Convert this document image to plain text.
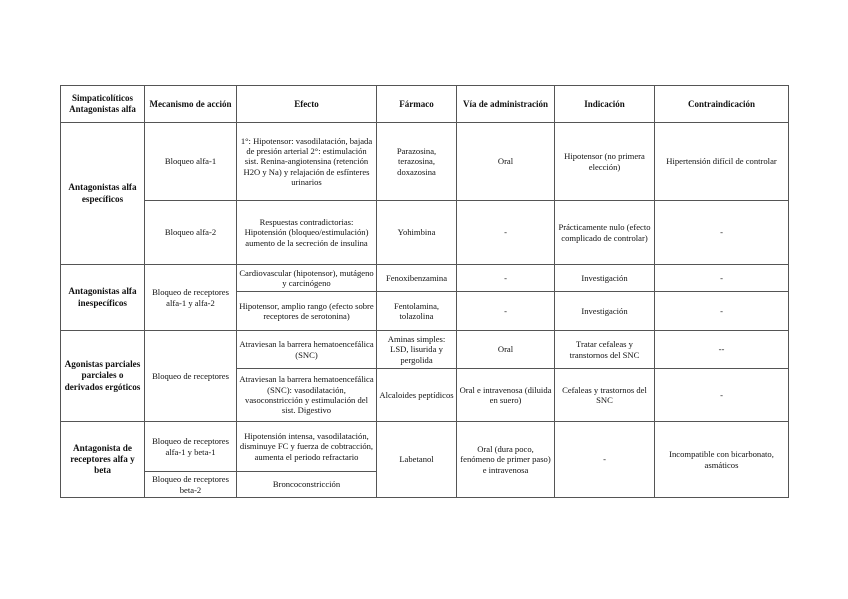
Simpaticolíticos Antagonistas alfa	Mecanismo de acción	Efecto	Fármaco	Vía de administración	Indicación	Contraindicación
Antagonistas alfa específicos	Bloqueo alfa-1	1°: Hipotensor: vasodilatación, bajada de presión arterial 2°: estimulación sist. Renina-angiotensina (retención H2O y Na) y relajación de esfínteres urinarios	Parazosina, terazosina, doxazosina	Oral	Hipotensor (no primera elección)	Hipertensión difícil de controlar
	Bloqueo alfa-2	Respuestas contradictorias: Hipotensión (bloqueo/estimulación) aumento de la secreción de insulina	Yohimbina	-	Prácticamente nulo (efecto complicado de controlar)	-
Antagonistas alfa inespecíficos	Bloqueo de receptores alfa-1 y alfa-2	Cardiovascular (hipotensor), mutágeno y carcinógeno	Fenoxibenzamina	-	Investigación	-
		Hipotensor, amplio rango (efecto sobre receptores de serotonina)	Fentolamina, tolazolina	-	Investigación	-
Agonistas parciales parciales o derivados ergóticos	Bloqueo de receptores	Atraviesan la barrera hematoencefálica (SNC)	Aminas simples: LSD, lisurida y pergolida	Oral	Tratar cefaleas y transtornos del SNC	--
		Atraviesan la barrera hematoencefálica (SNC): vasodilatación, vasoconstricción y estimulación del sist. Digestivo	Alcaloides peptídicos	Oral e intravenosa (diluida en suero)	Cefaleas y trastornos del SNC	-
Antagonista de receptores alfa y beta	Bloqueo de receptores alfa-1 y beta-1	Hipotensión intensa, vasodilatación, disminuye FC y fuerza de cobtracción, aumenta el periodo refractario	Labetanol	Oral (dura poco, fenómeno de primer paso) e intravenosa	-	Incompatible con bicarbonato, asmáticos
	Bloqueo de receptores beta-2	Broncoconstricción				
